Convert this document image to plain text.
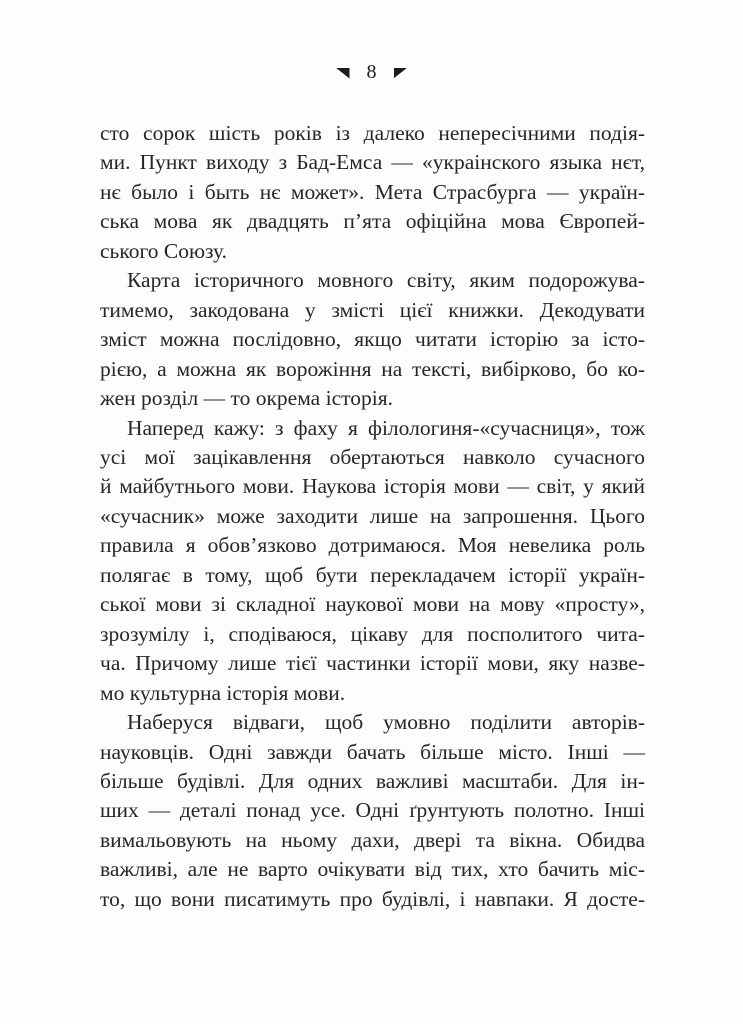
8

сто сорок шість років із далеко непересічними подія-
ми. Пункт виходу з Бад-Емса — «украінского языка нєт,
нє было і быть нє может». Мета Страсбурга — україн-
ська мова як двадцять п’ята офіційна мова Європей-
ського Союзу.

Карта історичного мовного світу, яким подорожува-
тимемо, закодована у змісті цієї книжки. Декодувати
зміст можна послідовно, якщо читати історію за істо-
рією, а можна як ворожіння на тексті, вибірково, бо ко-
жен розділ — то окрема історія.

Наперед кажу: з фаху я філологиня-«сучасниця», тож
усі мої зацікавлення обертаються навколо сучасного
й майбутнього мови. Наукова історія мови — світ, у який
«сучасник» може заходити лише на запрошення. Цього
правила я обов’язково дотримаюся. Моя невелика роль
полягає в тому, щоб бути перекладачем історії україн-
ської мови зі складної наукової мови на мову «просту»,
зрозумілу і, сподіваюся, цікаву для посполитого чита-
ча. Причому лише тієї частинки історії мови, яку назве-
мо культурна історія мови.

Наберуся відваги, щоб умовно поділити авторів-
науковців. Одні завжди бачать більше місто. Інші —
більше будівлі. Для одних важливі масштаби. Для ін-
ших — деталі понад усе. Одні ґрунтують полотно. Інші
вимальовують на ньому дахи, двері та вікна. Обидва
важливі, але не варто очікувати від тих, хто бачить міс-
то, що вони писатимуть про будівлі, і навпаки. Я досте-
